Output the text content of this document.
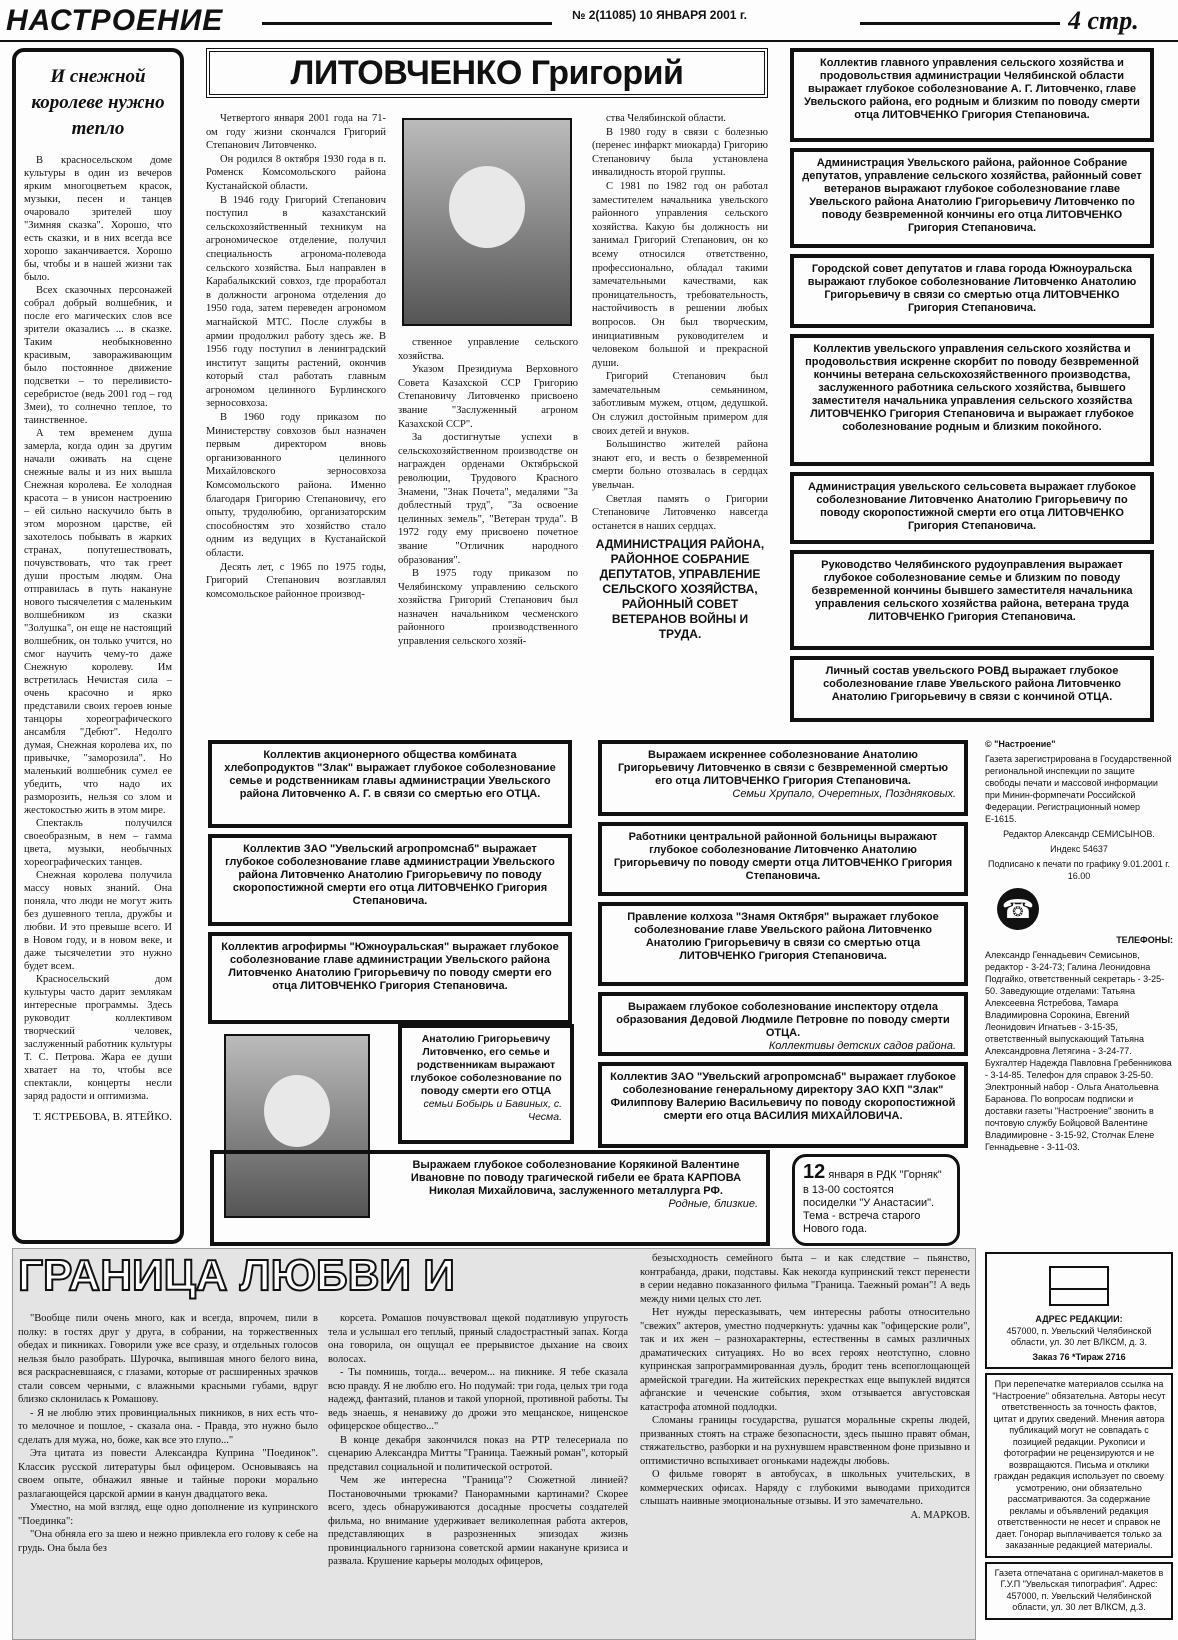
НАСТРОЕНИЕ	№ 2(11085) 10 ЯНВАРЯ 2001 г.	4 стр.
И снежной королеве нужно тепло

В красносельском доме культуры в один из вечеров ярким многоцветьем красок, музыки, песен и танцев очаровало зрителей шоу "Зимняя сказка". Хорошо, что есть сказки, и в них всегда все хорошо заканчивается. Хорошо бы, чтобы и в нашей жизни так было.

Всех сказочных персонажей собрал добрый волшебник, и после его магических слов все зрители оказались ... в сказке. Таким необыкновенно красивым, завораживающим было постоянное движение подсветки – то переливисто-серебристое (ведь 2001 год – год Змеи), то солнечно теплое, то таинственное.

А тем временем душа замерла, когда один за другим начали оживать на сцене снежные валы и из них вышла Снежная королева. Ее холодная красота – в унисон настроению – ей сильно наскучило быть в этом морозном царстве, ей захотелось побывать в жарких странах, попутешествовать, почувствовать, что так греет души простым людям. Она отправилась в путь накануне нового тысячелетия с маленьким волшебником из сказки "Золушка", он еще не настоящий волшебник, он только учится, но смог научить чему-то даже Снежную королеву. Им встретилась Нечистая сила – очень красочно и ярко представили своих героев юные танцоры хореографического ансамбля "Дебют". Недолго думая, Снежная королева их, по привычке, "заморозила". Но маленький волшебник сумел ее убедить, что надо их разморозить, нельзя со злом и жестокостью жить в этом мире.

Спектакль получился своеобразным, в нем – гамма цвета, музыки, необычных хореографических танцев.

Снежная королева получила массу новых знаний. Она поняла, что люди не могут жить без душевного тепла, дружбы и любви. И это превыше всего. И в Новом году, и в новом веке, и даже тысячелетии это нужно будет всем.

Красносельский дом культуры часто дарит землякам интересные программы. Здесь руководит коллективом творческий человек, заслуженный работник культуры Т. С. Петрова. Жара ее души хватает на то, чтобы все спектакли, концерты несли заряд радости и оптимизма.

Т. ЯСТРЕБОВА, В. ЯТЕЙКО.

ЛИТОВЧЕНКО Григорий

Четвертого января 2001 года на 71-ом году жизни скончался Григорий Степанович Литовченко.

Он родился 8 октября 1930 года в п. Роменск Комсомольского района Кустанайской области.

В 1946 году Григорий Степанович поступил в казахстанский сельскохозяйственный техникум на агрономическое отделение, получил специальность агронома-полевода сельского хозяйства. Был направлен в Карабалыкский совхоз, где проработал в должности агронома отделения до 1950 года, затем переведен агрономом магнайской МТС. После службы в армии продолжил работу здесь же. В 1956 году поступил в ленинградский институт защиты растений, окончив который стал работать главным агрономом целинного Бурлинского зерносовхоза.

В 1960 году приказом по Министерству совхозов был назначен первым директором вновь организованного целинного Михайловского зерносовхоза Комсомольского района. Именно благодаря Григорию Степановичу, его опыту, трудолюбию, организаторским способностям это хозяйство стало одним из ведущих в Кустанайской области.

Десять лет, с 1965 по 1975 годы, Григорий Степанович возглавлял комсомольское районное производ-

ственное управление сельского хозяйства.

Указом Президиума Верховного Совета Казахской ССР Григорию Степановичу Литовченко присвоено звание "Заслуженный агроном Казахской ССР".

За достигнутые успехи в сельскохозяйственном производстве он награжден орденами Октябрьской революции, Трудового Красного Знамени, "Знак Почета", медалями "За доблестный труд", "За освоение целинных земель", "Ветеран труда". В 1972 году ему присвоено почетное звание "Отличник народного образования".

В 1975 году приказом по Челябинскому управлению сельского хозяйства Григорий Степанович был назначен начальником чесменского районного производственного управления сельского хозяй-

ства Челябинской области.

В 1980 году в связи с болезнью (перенес инфаркт миокарда) Григорию Степановичу была установлена инвалидность второй группы.

С 1981 по 1982 год он работал заместителем начальника увельского районного управления сельского хозяйства. Какую бы должность ни занимал Григорий Степанович, он ко всему относился ответственно, профессионально, обладал такими замечательными качествами, как проницательность, требовательность, настойчивость в решении любых вопросов. Он был творческим, инициативным руководителем и человеком большой и прекрасной души.

Григорий Степанович был замечательным семьянином, заботливым мужем, отцом, дедушкой. Он служил достойным примером для своих детей и внуков.

Большинство жителей района знают его, и весть о безвременной смерти больно отозвалась в сердцах увельчан.

Светлая память о Григории Степановиче Литовченко навсегда останется в наших сердцах.

АДМИНИСТРАЦИЯ РАЙОНА, РАЙОННОЕ СОБРАНИЕ ДЕПУТАТОВ, УПРАВЛЕНИЕ СЕЛЬСКОГО ХОЗЯЙСТВА, РАЙОННЫЙ СОВЕТ ВЕТЕРАНОВ ВОЙНЫ И ТРУДА.
Коллектив главного управления сельского хозяйства и продовольствия администрации Челябинской области выражает глубокое соболезнование А. Г. Литовченко, главе Увельского района, его родным и близким по поводу смерти отца ЛИТОВЧЕНКО Григория Степановича.
Администрация Увельского района, районное Собрание депутатов, управление сельского хозяйства, районный совет ветеранов выражают глубокое соболезнование главе Увельского района Анатолию Григорьевичу Литовченко по поводу безвременной кончины его отца ЛИТОВЧЕНКО Григория Степановича.
Городской совет депутатов и глава города Южноуральска выражают глубокое соболезнование Литовченко Анатолию Григорьевичу в связи со смертью отца ЛИТОВЧЕНКО Григория Степановича.
Коллектив увельского управления сельского хозяйства и продовольствия искренне скорбит по поводу безвременной кончины ветерана сельскохозяйственного производства, заслуженного работника сельского хозяйства, бывшего заместителя начальника управления сельского хозяйства ЛИТОВЧЕНКО Григория Степановича и выражает глубокое соболезнование родным и близким покойного.
Администрация увельского сельсовета выражает глубокое соболезнование Литовченко Анатолию Григорьевичу по поводу скоропостижной смерти его отца ЛИТОВЧЕНКО Григория Степановича.
Руководство Челябинского рудоуправления выражает глубокое соболезнование семье и близким по поводу безвременной кончины бывшего заместителя начальника управления сельского хозяйства района, ветерана труда ЛИТОВЧЕНКО Григория Степановича.
Личный состав увельского РОВД выражает глубокое соболезнование главе Увельского района Литовченко Анатолию Григорьевичу в связи с кончиной ОТЦА.
Коллектив акционерного общества комбината хлебопродуктов "Злак" выражает глубокое соболезнование семье и родственникам главы администрации Увельского района Литовченко А. Г. в связи со смертью его ОТЦА.
Коллектив ЗАО "Увельский агропромснаб" выражает глубокое соболезнование главе администрации Увельского района Литовченко Анатолию Григорьевичу по поводу скоропостижной смерти его отца ЛИТОВЧЕНКО Григория Степановича.
Коллектив агрофирмы "Южноуральская" выражает глубокое соболезнование главе администрации Увельского района Литовченко Анатолию Григорьевичу по поводу смерти его отца ЛИТОВЧЕНКО Григория Степановича.
Анатолию Григорьевичу Литовченко, его семье и родственникам выражают глубокое соболезнование по поводу смерти его ОТЦА
семьи Бобырь и Бавиных, с. Чесма.
Выражаем глубокое соболезнование Корякиной Валентине Ивановне по поводу трагической гибели ее брата КАРПОВА Николая Михайловича, заслуженного металлурга РФ.
Родные, близкие.
Выражаем искреннее соболезнование Анатолию Григорьевичу Литовченко в связи с безвременной смертью его отца ЛИТОВЧЕНКО Григория Степановича.
Семьи Хрупало, Очеретных, Поздняковых.
Работники центральной районной больницы выражают глубокое соболезнование Литовченко Анатолию Григорьевичу по поводу смерти отца ЛИТОВЧЕНКО Григория Степановича.
Правление колхоза "Знамя Октября" выражает глубокое соболезнование главе Увельского района Литовченко Анатолию Григорьевичу в связи со смертью отца ЛИТОВЧЕНКО Григория Степановича.
Выражаем глубокое соболезнование инспектору отдела образования Дедовой Людмиле Петровне по поводу смерти ОТЦА.
Коллективы детских садов района.
Коллектив ЗАО "Увельский агропромснаб" выражает глубокое соболезнование генеральному директору ЗАО КХП "Злак" Филиппову Валерию Васильевичу по поводу скоропостижной смерти его отца ВАСИЛИЯ МИХАЙЛОВИЧА.
12 января в РДК "Горняк" в 13-00 состоятся посиделки "У Анастасии". Тема - встреча старого Нового года.

© "Настроение"

Газета зарегистрирована в Государственной региональной инспекции по защите свободы печати и массовой информации при Минин-формпечати Российской Федерации. Регистрационный номер Е-1615.

Редактор Александр СЕМИСЫНОВ.

Индекс 54637

Подписано к печати по графику 9.01.2001 г. 16.00

☎

ТЕЛЕФОНЫ:

Александр Геннадьевич Семисынов, редактор - 3-24-73; Галина Леонидовна Подгайко, ответственный секретарь - 3-25-50. Заведующие отделами: Татьяна Алексеевна Ястребова, Тамара Владимировна Сорокина, Евгений Леонидович Игнатьев - 3-15-35, ответственный выпускающий Татьяна Александровна Летягина - 3-24-77. Бухгалтер Надежда Павловна Гребенникова - 3-14-85. Телефон для справок 3-25-50. Электронный набор - Ольга Анатольевна Баранова. По вопросам подписки и доставки газеты "Настроение" звонить в почтовую службу Бойцовой Валентине Владимировне - 3-15-92, Столчак Елене Геннадьевне - 3-11-03.

ГРАНИЦА ЛЮБВИ И

"Вообще пили очень много, как и всегда, впрочем, пили в полку: в гостях друг у друга, в собрании, на торжественных обедах и пикниках. Говорили уже все сразу, и отдельных голосов нельзя было разобрать. Шурочка, выпившая много белого вина, вся раскрасневшаяся, с глазами, которые от расширенных зрачков стали совсем черными, с влажными красными губами, вдруг близко склонилась к Ромашову.

- Я не люблю этих провинциальных пикников, в них есть что-то мелочное и пошлое, - сказала она. - Правда, это нужно было сделать для мужа, но, боже, как все это глупо..."

Эта цитата из повести Александра Куприна "Поединок". Классик русской литературы был офицером. Основываясь на своем опыте, обнажил явные и тайные пороки морально разлагающейся царской армии в канун двадцатого века.

Уместно, на мой взгляд, еще одно дополнение из купринского "Поединка":

"Она обняла его за шею и нежно привлекла его голову к себе на грудь. Она была без

корсета. Ромашов почувствовал щекой податливую упругость тела и услышал его теплый, пряный сладострастный запах. Когда она говорила, он ощущал ее прерывистое дыхание на своих волосах.

- Ты помнишь, тогда... вечером... на пикнике. Я тебе сказала всю правду. Я не люблю его. Но подумай: три года, целых три года надежд, фантазий, планов и такой упорной, противной работы. Ты ведь знаешь, я ненавижу до дрожи это мещанское, нищенское офицерское общество..."

В конце декабря закончился показ на РТР телесериала по сценарию Александра Митты "Граница. Таежный роман", который представил социальной и политической остротой.

Чем же интересна "Граница"? Сюжетной линией? Постановочными трюками? Панорамными картинами? Скорее всего, здесь обнаруживаются досадные просчеты создателей фильма, но внимание удерживает великолепная работа актеров, представляющих в разрозненных эпизодах жизнь провинциального гарнизона советской армии накануне кризиса и развала. Крушение карьеры молодых офицеров,

безысходность семейного быта – и как следствие – пьянство, контрабанда, драки, подставы. Как некогда купринский текст перенести в серии недавно показанного фильма "Граница. Таежный роман"! А ведь между ними целых сто лет.

Нет нужды пересказывать, чем интересны работы относительно "свежих" актеров, уместно подчеркнуть: удачны как "офицерские роли", так и их жен – разнохарактерны, естественны в самых различных драматических ситуациях. Но во всех героях неотступно, словно купринская запрограммированная дуэль, бродит тень всепоглощающей армейской трагедии. На житейских перекрестках еще выпуклей видятся афганские и чеченские события, эхом отзывается августовская катастрофа атомной подлодки.

Сломаны границы государства, рушатся моральные скрепы людей, призванных стоять на страже безопасности, здесь пышно правят обман, стяжательство, разборки и на рухнувшем нравственном фоне призывно и оптимистично вспыхивает огоньками надежды любовь.

О фильме говорят в автобусах, в школьных учительских, в коммерческих офисах. Наряду с глубокими выводами приходится слышать наивные эмоциональные отзывы. И это замечательно.

А. МАРКОВ.

АДРЕС РЕДАКЦИИ:
457000, п. Увельский Челябинской области, ул. 30 лет ВЛКСМ, д. 3.
Заказ 76 *Тираж 2716
При перепечатке материалов ссылка на "Настроение" обязательна. Авторы несут ответственность за точность фактов, цитат и других сведений. Мнения автора публикаций могут не совпадать с позицией редакции. Рукописи и фотографии не рецензируются и не возвращаются. Письма и отклики граждан редакция использует по своему усмотрению, они обязательно рассматриваются. За содержание рекламы и объявлений редакция ответственности не несет и справок не дает. Гонорар выплачивается только за заказанные редакцией материалы.
Газета отпечатана с оригинал-макетов в Г.У.П "Увельская типография". Адрес: 457000, п. Увельский Челябинской области, ул. 30 лет ВЛКСМ, д.3.
